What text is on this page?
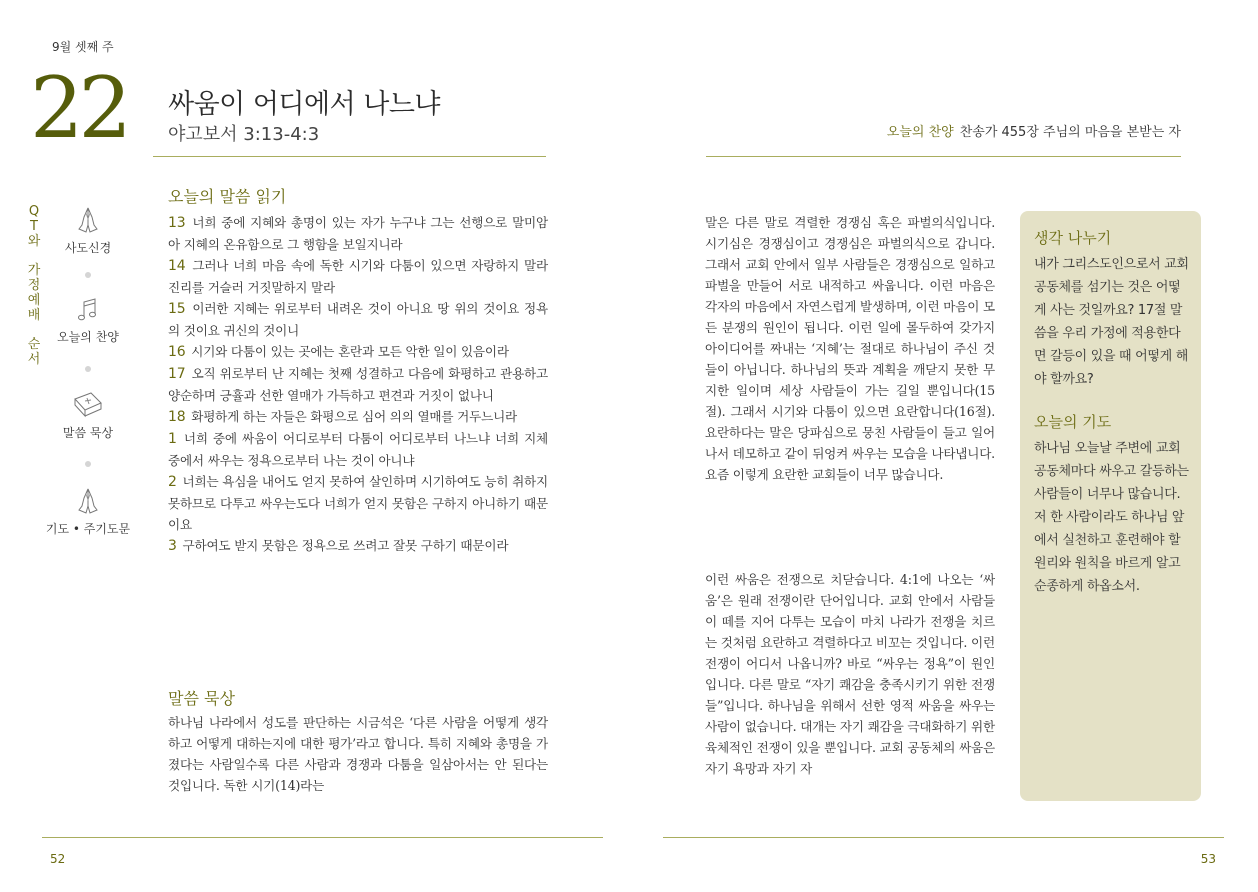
9월 셋째 주
22 싸움이 어디에서 나느냐
야고보서 3:13-4:3	오늘의 찬양 찬송가 455장 주님의 마음을 본받는 자
Q
T
와
가
정
예
배
순
서
사도신경
오늘의 찬양
말씀 묵상
기도 • 주기도문
오늘의 말씀 읽기

13 너희 중에 지혜와 총명이 있는 자가 누구냐 그는 선행으로 말미암아 지혜의 온유함으로 그 행함을 보일지니라

14 그러나 너희 마음 속에 독한 시기와 다툼이 있으면 자랑하지 말라 진리를 거슬러 거짓말하지 말라

15 이러한 지혜는 위로부터 내려온 것이 아니요 땅 위의 것이요 정욕의 것이요 귀신의 것이니

16 시기와 다툼이 있는 곳에는 혼란과 모든 악한 일이 있음이라

17 오직 위로부터 난 지혜는 첫째 성결하고 다음에 화평하고 관용하고 양순하며 긍휼과 선한 열매가 가득하고 편견과 거짓이 없나니

18 화평하게 하는 자들은 화평으로 심어 의의 열매를 거두느니라

1 너희 중에 싸움이 어디로부터 다툼이 어디로부터 나느냐 너희 지체 중에서 싸우는 정욕으로부터 나는 것이 아니냐

2 너희는 욕심을 내어도 얻지 못하여 살인하며 시기하여도 능히 취하지 못하므로 다투고 싸우는도다 너희가 얻지 못함은 구하지 아니하기 때문이요

3 구하여도 받지 못함은 정욕으로 쓰려고 잘못 구하기 때문이라

말씀 묵상

하나님 나라에서 성도를 판단하는 시금석은 ‘다른 사람을 어떻게 생각하고 어떻게 대하는지에 대한 평가’라고 합니다. 특히 지혜와 총명을 가졌다는 사람일수록 다른 사람과 경쟁과 다툼을 일삼아서는 안 된다는 것입니다. 독한 시기(14)라는

말은 다른 말로 격렬한 경쟁심 혹은 파벌의식입니다. 시기심은 경쟁심이고 경쟁심은 파벌의식으로 갑니다. 그래서 교회 안에서 일부 사람들은 경쟁심으로 일하고 파벌을 만들어 서로 내적하고 싸웁니다. 이런 마음은 각자의 마음에서 자연스럽게 발생하며, 이런 마음이 모든 분쟁의 원인이 됩니다. 이런 일에 몰두하여 갖가지 아이디어를 짜내는 ‘지혜’는 절대로 하나님이 주신 것들이 아닙니다. 하나님의 뜻과 계획을 깨닫지 못한 무지한 일이며 세상 사람들이 가는 길일 뿐입니다(15절). 그래서 시기와 다툼이 있으면 요란합니다(16절). 요란하다는 말은 당파심으로 뭉친 사람들이 들고 일어나서 데모하고 같이 뒤엉켜 싸우는 모습을 나타냅니다. 요즘 이렇게 요란한 교회들이 너무 많습니다.

이런 싸움은 전쟁으로 치닫습니다. 4:1에 나오는 ‘싸움’은 원래 전쟁이란 단어입니다. 교회 안에서 사람들이 떼를 지어 다투는 모습이 마치 나라가 전쟁을 치르는 것처럼 요란하고 격렬하다고 비꼬는 것입니다. 이런 전쟁이 어디서 나옵니까? 바로 “싸우는 정욕”이 원인입니다. 다른 말로 “자기 쾌감을 충족시키기 위한 전쟁들”입니다. 하나님을 위해서 선한 영적 싸움을 싸우는 사람이 없습니다. 대개는 자기 쾌감을 극대화하기 위한 육체적인 전쟁이 있을 뿐입니다. 교회 공동체의 싸움은 자기 욕망과 자기 자

생각 나누기

내가 그리스도인으로서 교회 공동체를 섬기는 것은 어떻게 사는 것일까요? 17절 말씀을 우리 가정에 적용한다면 갈등이 있을 때 어떻게 해야 할까요?

오늘의 기도

하나님 오늘날 주변에 교회 공동체마다 싸우고 갈등하는 사람들이 너무나 많습니다. 저 한 사람이라도 하나님 앞에서 실천하고 훈련해야 할 원리와 원칙을 바르게 알고 순종하게 하옵소서.

52	53
